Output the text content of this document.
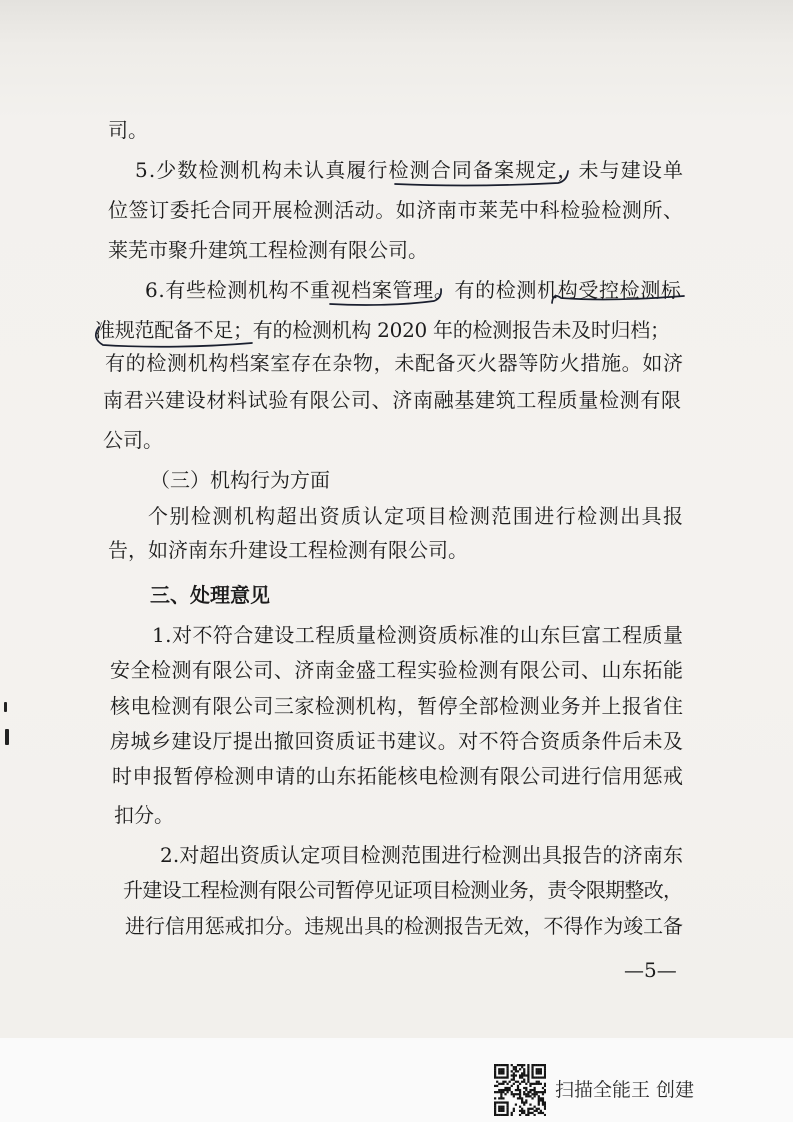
司。
5.少数检测机构未认真履行检测合同备案规定，未与建设单
位签订委托合同开展检测活动。如济南市莱芜中科检验检测所、
莱芜市聚升建筑工程检测有限公司。
6.有些检测机构不重视档案管理。有的检测机构受控检测标
准规范配备不足；有的检测机构 2020 年的检测报告未及时归档；
有的检测机构档案室存在杂物，未配备灭火器等防火措施。如济
南君兴建设材料试验有限公司、济南融基建筑工程质量检测有限
公司。
（三）机构行为方面
个别检测机构超出资质认定项目检测范围进行检测出具报
告，如济南东升建设工程检测有限公司。
三、处理意见
1.对不符合建设工程质量检测资质标准的山东巨富工程质量
安全检测有限公司、济南金盛工程实验检测有限公司、山东拓能
核电检测有限公司三家检测机构，暂停全部检测业务并上报省住
房城乡建设厅提出撤回资质证书建议。对不符合资质条件后未及
时申报暂停检测申请的山东拓能核电检测有限公司进行信用惩戒
扣分。
2.对超出资质认定项目检测范围进行检测出具报告的济南东
升建设工程检测有限公司暂停见证项目检测业务，责令限期整改，
进行信用惩戒扣分。违规出具的检测报告无效，不得作为竣工备
—5—
扫描全能王 创建
